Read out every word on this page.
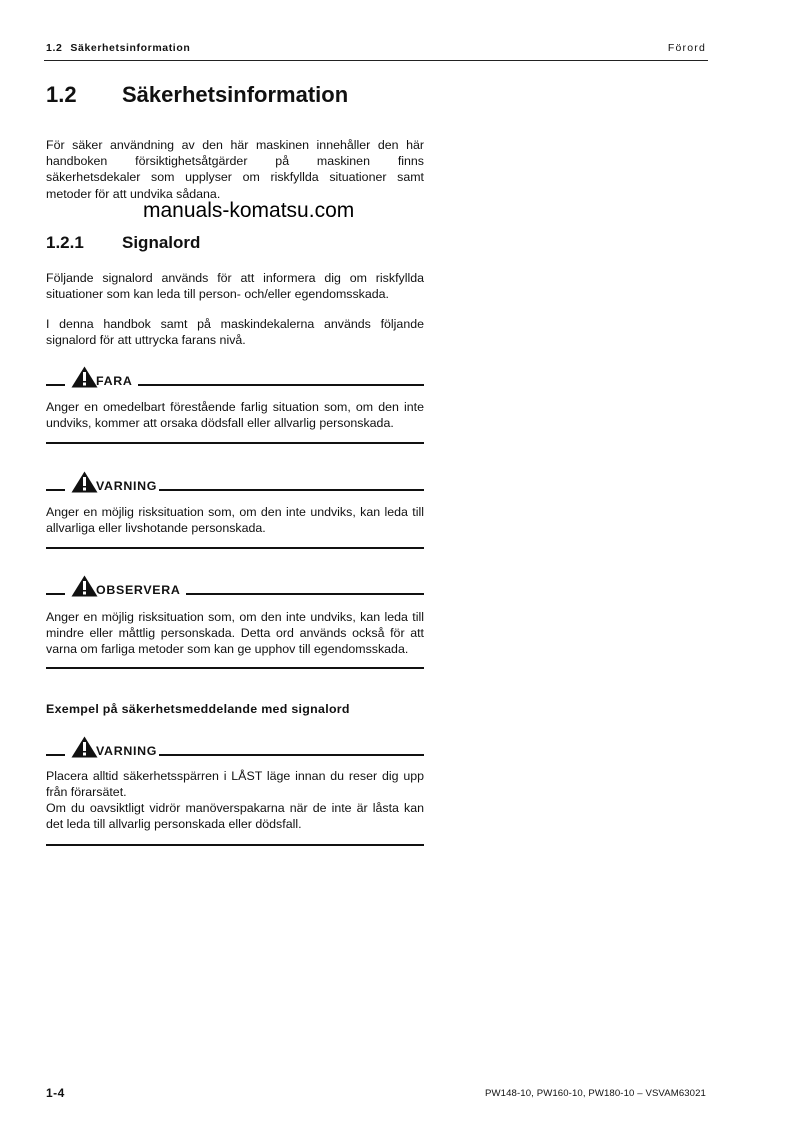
1.2 Säkerhetsinformation	Förord
1.2 Säkerhetsinformation
För säker användning av den här maskinen innehåller den här handboken försiktighetsåtgärder på maskinen finns säkerhetsdekaler som upplyser om riskfyllda situationer samt metoder för att undvika sådana.
manuals-komatsu.com
1.2.1 Signalord
Följande signalord används för att informera dig om riskfyllda situationer som kan leda till person- och/eller egendomsskada.
I denna handbok samt på maskindekalerna används följande signalord för att uttrycka farans nivå.
FARA
Anger en omedelbart förestående farlig situation som, om den inte undviks, kommer att orsaka dödsfall eller allvarlig personskada.
VARNING
Anger en möjlig risksituation som, om den inte undviks, kan leda till allvarliga eller livshotande personskada.
OBSERVERA
Anger en möjlig risksituation som, om den inte undviks, kan leda till mindre eller måttlig personskada. Detta ord används också för att varna om farliga metoder som kan ge upphov till egendomsskada.
Exempel på säkerhetsmeddelande med signalord
VARNING
Placera alltid säkerhetsspärren i LÅST läge innan du reser dig upp från förarsätet.
Om du oavsiktligt vidrör manöverspakarna när de inte är låsta kan det leda till allvarlig personskada eller dödsfall.
1-4	PW148-10, PW160-10, PW180-10 – VSVAM63021
